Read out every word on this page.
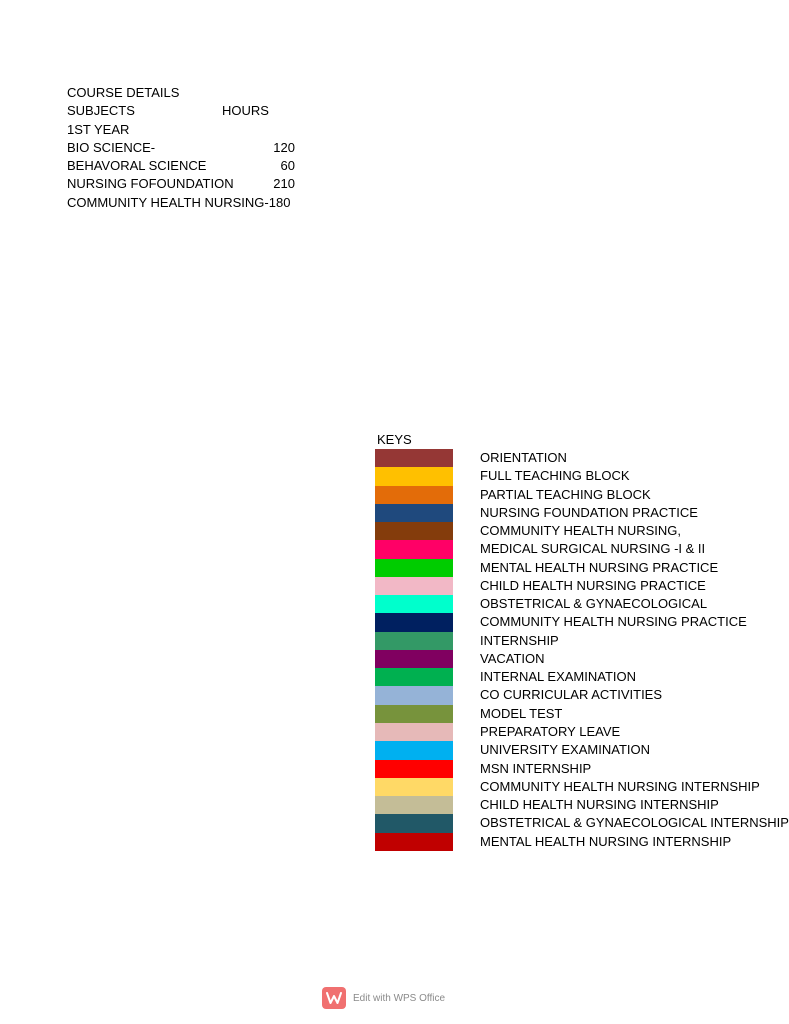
COURSE DETAILS
SUBJECTS	HOURS
1ST YEAR
BIO SCIENCE-	120
BEHAVORAL SCIENCE	60
NURSING FOFOUNDATION	210
COMMUNITY HEALTH NURSING-180
KEYS
ORIENTATION
FULL TEACHING BLOCK
PARTIAL TEACHING BLOCK
NURSING FOUNDATION PRACTICE
COMMUNITY HEALTH NURSING,
MEDICAL SURGICAL NURSING -I & II
MENTAL HEALTH NURSING PRACTICE
CHILD HEALTH NURSING PRACTICE
OBSTETRICAL & GYNAECOLOGICAL
COMMUNITY HEALTH NURSING PRACTICE
INTERNSHIP
VACATION
INTERNAL EXAMINATION
CO CURRICULAR ACTIVITIES
MODEL TEST
PREPARATORY LEAVE
UNIVERSITY EXAMINATION
MSN INTERNSHIP
COMMUNITY HEALTH NURSING INTERNSHIP
CHILD HEALTH NURSING INTERNSHIP
OBSTETRICAL & GYNAECOLOGICAL INTERNSHIP
MENTAL HEALTH NURSING INTERNSHIP
Edit with WPS Office
